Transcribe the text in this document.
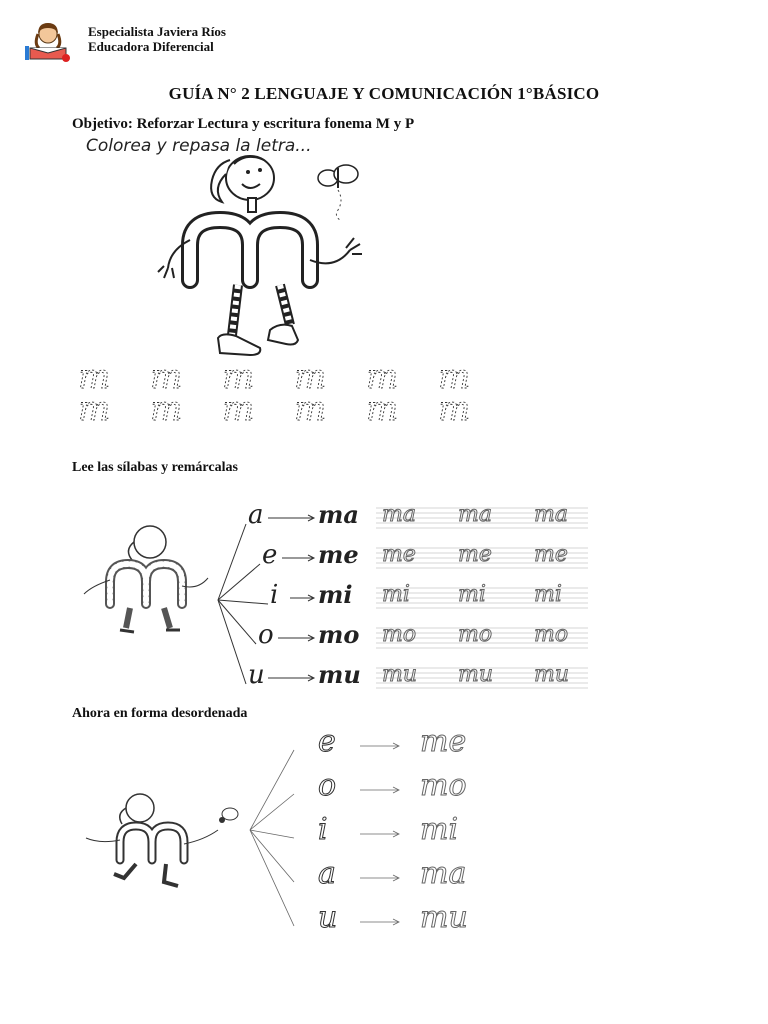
Especialista Javiera Ríos
Educadora Diferencial
GUÍA N° 2 LENGUAJE Y COMUNICACIÓN 1°BÁSICO
Objetivo: Reforzar Lectura y escritura fonema M y P
Colorea y repasa la letra...
m m m m m m
m m m m m m
Lee las sílabas y remárcalas
a ma ma ma ma
e me me me me
i mi mi mi mi
o mo mo mo mo
u mu mu mu mu
Ahora en forma desordenada
e	me
o	mo
i	mi
a	ma
u	mu
